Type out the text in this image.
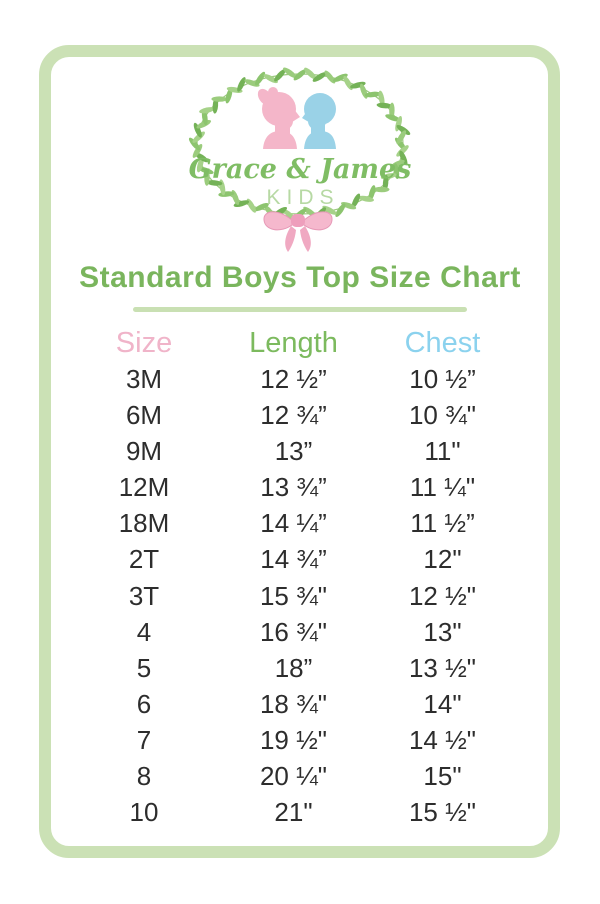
Grace & James
KIDS
Standard Boys Top Size Chart
Size	Length	Chest
3M	12 ½”	10 ½”
6M	12 ¾”	10 ¾"
9M	13”	11"
12M	13 ¾”	11 ¼"
18M	14 ¼”	11 ½”
2T	14 ¾”	12"
3T	15 ¾"	12 ½"
4	16 ¾"	13"
5	18”	13 ½"
6	18 ¾"	14"
7	19 ½"	14 ½"
8	20 ¼"	15"
10	21"	15 ½"
